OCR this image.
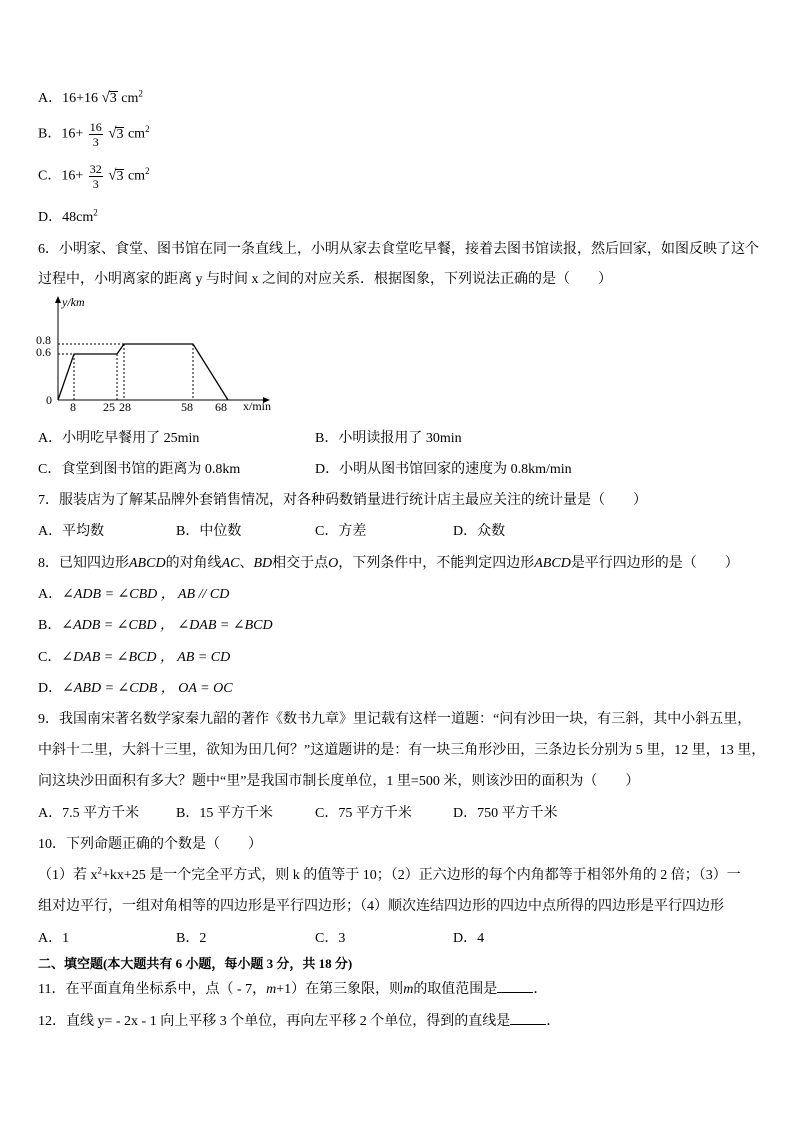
A．16+16 √3 $cm^2$
B．$16+ \frac{16}{3} √3$ $cm^2$
C．$16+ \frac{32}{3} √3$ $cm^2$
D．$48cm^2$
6．小明家、食堂、图书馆在同一条直线上，小明从家去食堂吃早餐，接着去图书馆读报，然后回家，如图反映了这个
过程中，小明离家的距离 y 与时间 x 之间的对应关系．根据图象，下列说法正确的是（　　）
y/km
x/min
0
0.8
0.6
8 25 28	58 68
A．小明吃早餐用了 25min	B．小明读报用了 30min
C．食堂到图书馆的距离为 0.8km	D．小明从图书馆回家的速度为 0.8km/min
7．服装店为了解某品牌外套销售情况，对各种码数销量进行统计店主最应关注的统计量是（　　）
A．平均数	B．中位数	C．方差	D．众数
8．已知四边形ABCD的对角线AC、BD相交于点O，下列条件中，不能判定四边形ABCD是平行四边形的是（　　）
A．∠ADB = ∠CBD ， AB // CD
B．∠ADB = ∠CBD ， ∠DAB = ∠BCD
C．∠DAB = ∠BCD ， AB = CD
D．∠ABD = ∠CDB ， OA = OC
9．我国南宋著名数学家秦九韶的著作《数书九章》里记载有这样一道题：“问有沙田一块，有三斜，其中小斜五里，
中斜十二里，大斜十三里，欲知为田几何？”这道题讲的是：有一块三角形沙田，三条边长分别为 5 里，12 里，13 里，
问这块沙田面积有多大？题中“里”是我国市制长度单位，1 里=500 米，则该沙田的面积为（　　）
A．7.5 平方千米	B．15 平方千米	C．75 平方千米	D．750 平方千米
10．下列命题正确的个数是（　　）
（1）若 $x^2+kx+25$ 是一个完全平方式，则 k 的值等于 10；（2）正六边形的每个内角都等于相邻外角的 2 倍；（3）一
组对边平行，一组对角相等的四边形是平行四边形；（4）顺次连结四边形的四边中点所得的四边形是平行四边形
A．1	B．2	C．3	D．4
二、填空题(本大题共有 6 小题，每小题 3 分，共 18 分)
11．在平面直角坐标系中，点（ - 7，m+1）在第三象限，则m的取值范围是	．
12．直线 y= - 2x - 1 向上平移 3 个单位，再向左平移 2 个单位，得到的直线是	．
